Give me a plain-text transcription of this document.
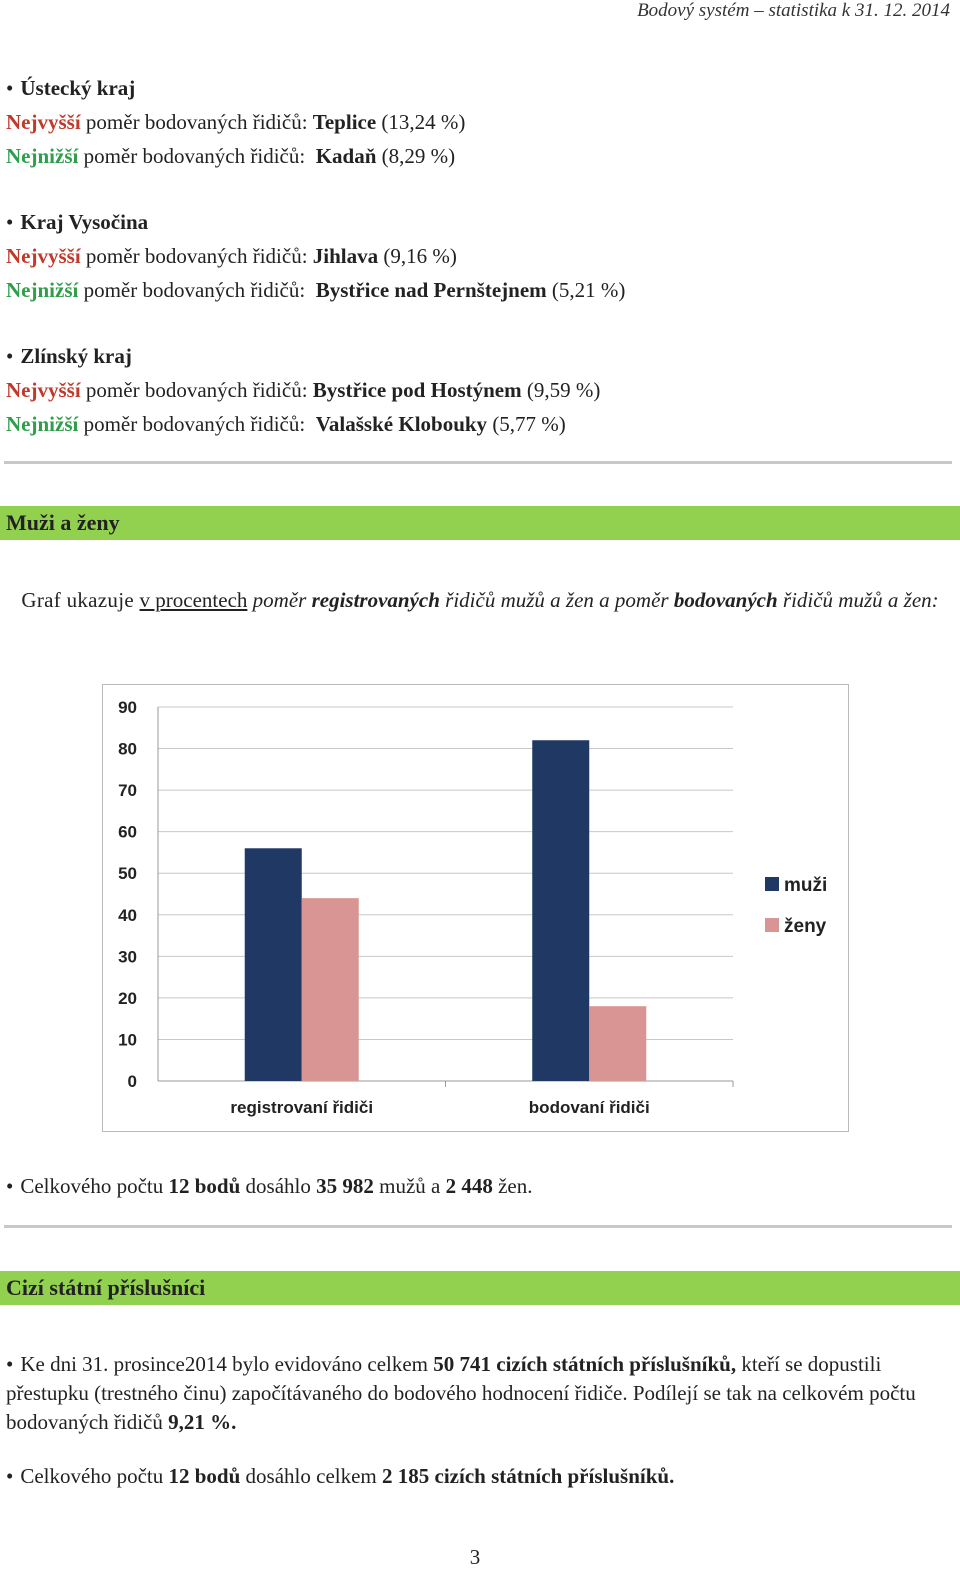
Bodový systém – statistika k 31. 12. 2014
• Ústecký kraj
Nejvyšší poměr bodovaných řidičů: Teplice (13,24 %)
Nejnižší poměr bodovaných řidičů:  Kadaň (8,29 %)
• Kraj Vysočina
Nejvyšší poměr bodovaných řidičů: Jihlava (9,16 %)
Nejnižší poměr bodovaných řidičů:  Bystřice nad Pernštejnem (5,21 %)
• Zlínský kraj
Nejvyšší poměr bodovaných řidičů: Bystřice pod Hostýnem (9,59 %)
Nejnižší poměr bodovaných řidičů:  Valašské Klobouky (5,77 %)
Muži a ženy
Graf ukazuje v procentech poměr registrovaných řidičů mužů a žen a poměr bodovaných řidičů mužů a žen:
0
10
20
30
40
50
60
70
80
90
registrovaní řidiči	bodovaní řidiči
muži
ženy
• Celkového počtu 12 bodů dosáhlo 35 982 mužů a 2 448 žen.
Cizí státní příslušníci
• Ke dni 31. prosince2014 bylo evidováno celkem 50 741 cizích státních příslušníků, kteří se dopustili přestupku (trestného činu) započítávaného do bodového hodnocení řidiče. Podílejí se tak na celkovém počtu bodovaných řidičů 9,21 %.
• Celkového počtu 12 bodů dosáhlo celkem 2 185 cizích státních příslušníků.
3
